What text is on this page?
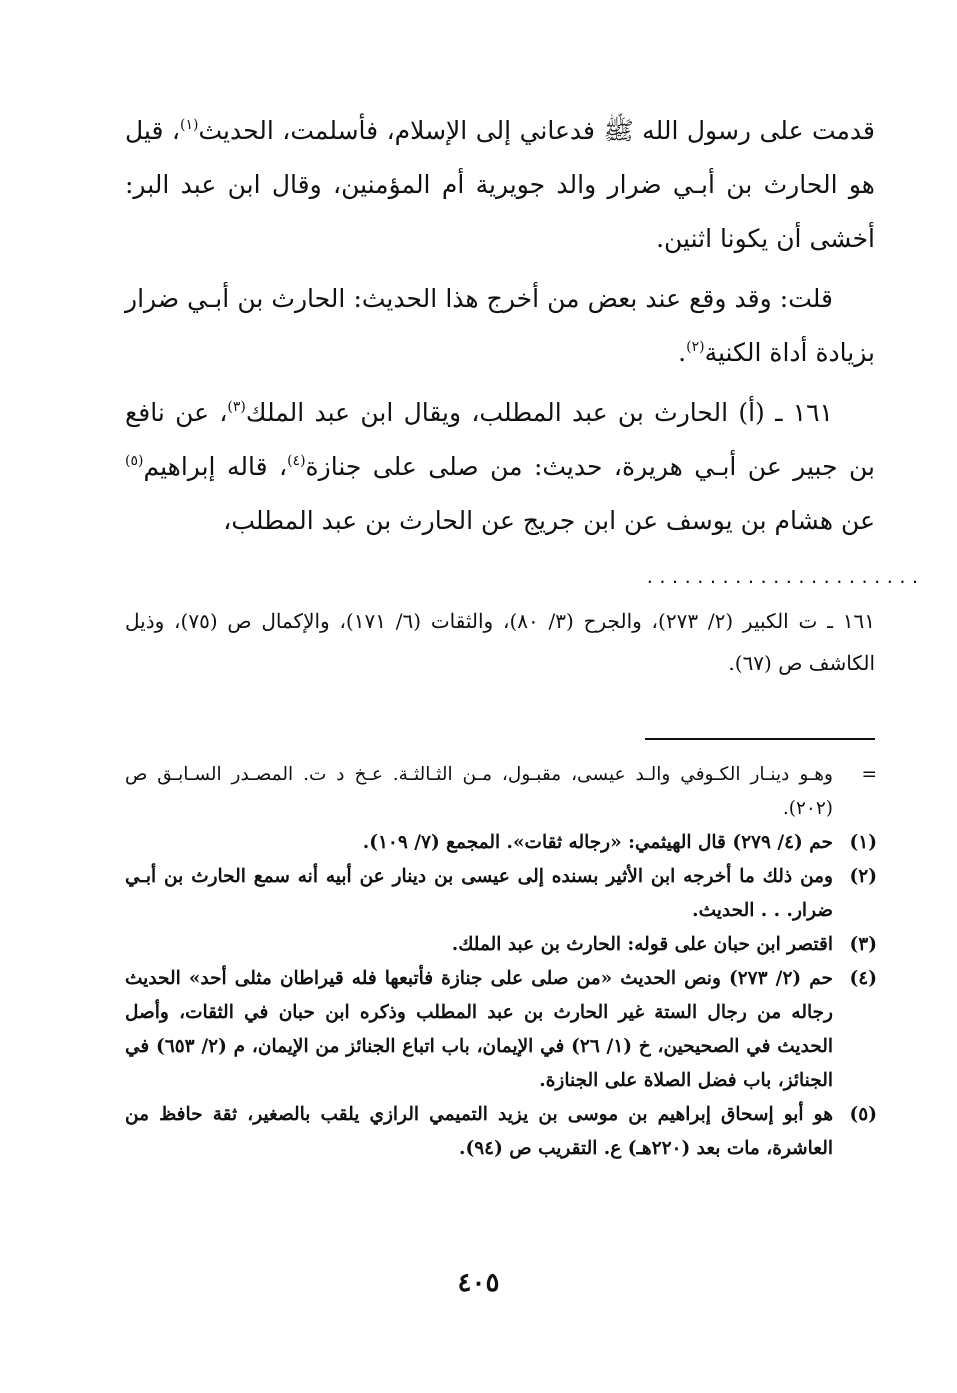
قدمت على رسول الله ﷺ فدعاني إلى الإسلام، فأسلمت، الحديث$^{(١)}$، قيل هو الحارث بن أبـي ضرار والد جويرية أم المؤمنين، وقال ابن عبد البر: أخشى أن يكونا اثنين.

قلت: وقد وقع عند بعض من أخرج هذا الحديث: الحارث بن أبـي ضرار بزيادة أداة الكنية$^{(٢)}$.

١٦١ ـ (أ) الحارث بن عبد المطلب، ويقال ابن عبد الملك$^{(٣)}$، عن نافع بن جبير عن أبـي هريرة، حديث: من صلى على جنازة$^{(٤)}$، قاله إبراهيم$^{(٥)}$ عن هشام بن يوسف عن ابن جريج عن الحارث بن عبد المطلب،

......................
١٦١ ـ ت الكبير (٢/ ٢٧٣)، والجرح (٣/ ٨٠)، والثقات (٦/ ١٧١)، والإكمال ص (٧٥)، وذيل الكاشف ص (٦٧).
=
وهـو دينـار الكـوفي والـد عيسى، مقبـول، مـن الثـالثـة. عـخ د ت. المصـدر السـابـق ص (٢٠٢).
(١)
حم (٤/ ٢٧٩) قال الهيثمي: «رجاله ثقات». المجمع (٧/ ١٠٩).
(٢)
ومن ذلك ما أخرجه ابن الأثير بسنده إلى عيسى بن دينار عن أبيه أنه سمع الحارث بن أبـي ضرار. . . الحديث.
(٣)
اقتصر ابن حبان على قوله: الحارث بن عبد الملك.
(٤)
حم (٢/ ٢٧٣) ونص الحديث «من صلى على جنازة فأتبعها فله قيراطان مثلى أحد» الحديث رجاله من رجال الستة غير الحارث بن عبد المطلب وذكره ابن حبان في الثقات، وأصل الحديث في الصحيحين، خ (١/ ٢٦) في الإيمان، باب اتباع الجنائز من الإيمان، م (٢/ ٦٥٣) في الجنائز، باب فضل الصلاة على الجنازة.
(٥)
هو أبو إسحاق إبراهيم بن موسى بن يزيد التميمي الرازي يلقب بالصغير، ثقة حافظ من العاشرة، مات بعد (٢٢٠هـ) ع. التقريب ص (٩٤).
٤٠٥
